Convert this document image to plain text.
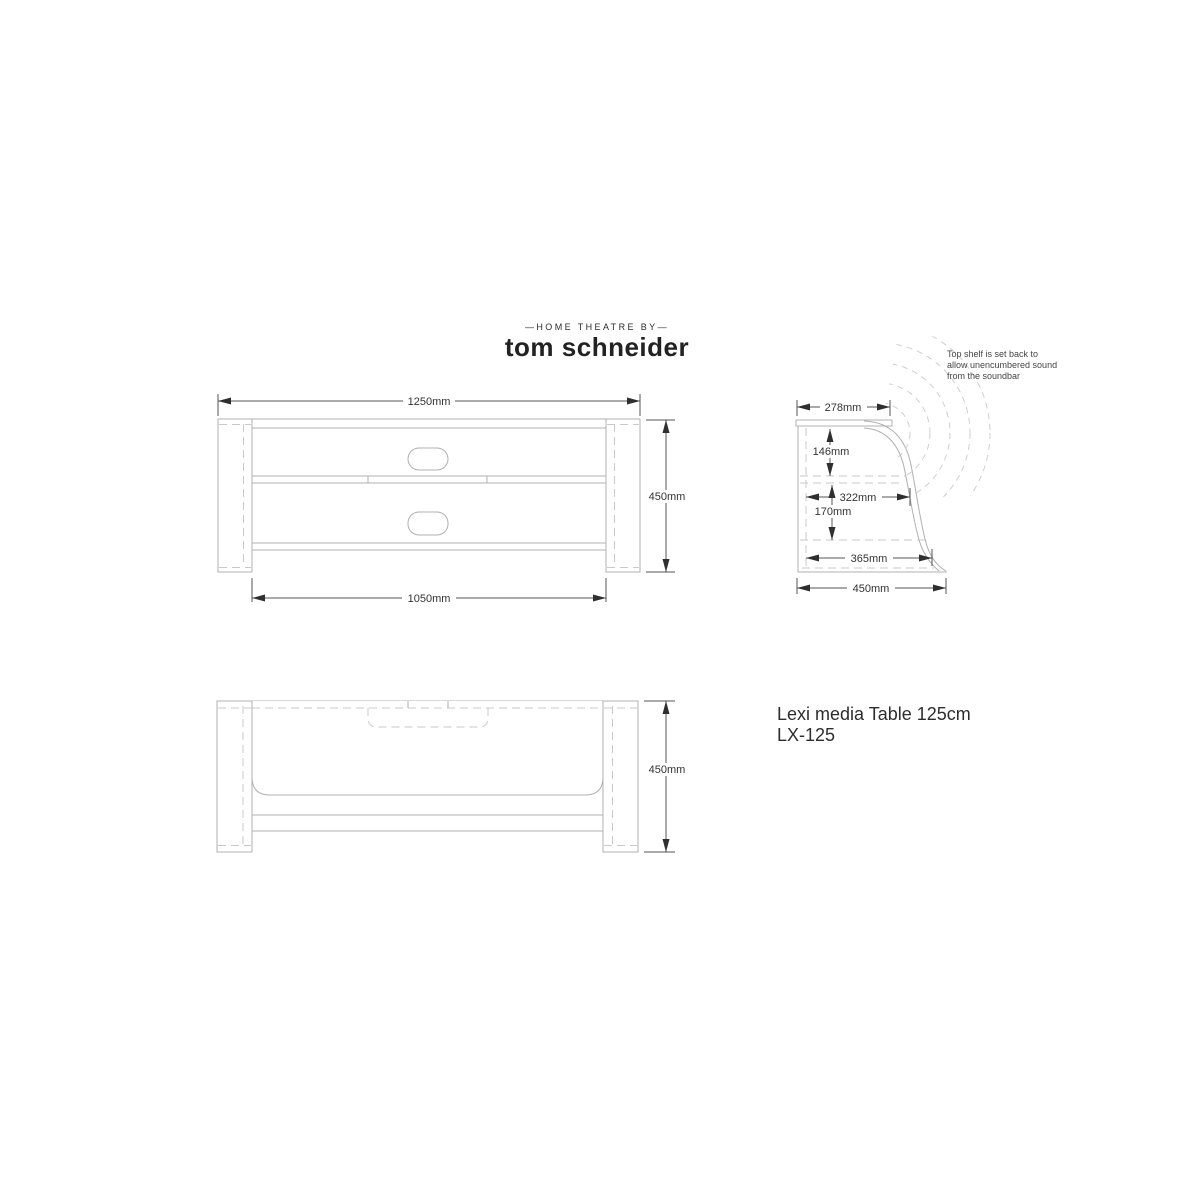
—HOME THEATRE BY—
tom schneider
1250mm
450mm
1050mm
Top shelf is set back to
allow unencumbered sound
from the soundbar
278mm
146mm
322mm
170mm
365mm
450mm
450mm
Lexi media Table 125cm
LX-125
